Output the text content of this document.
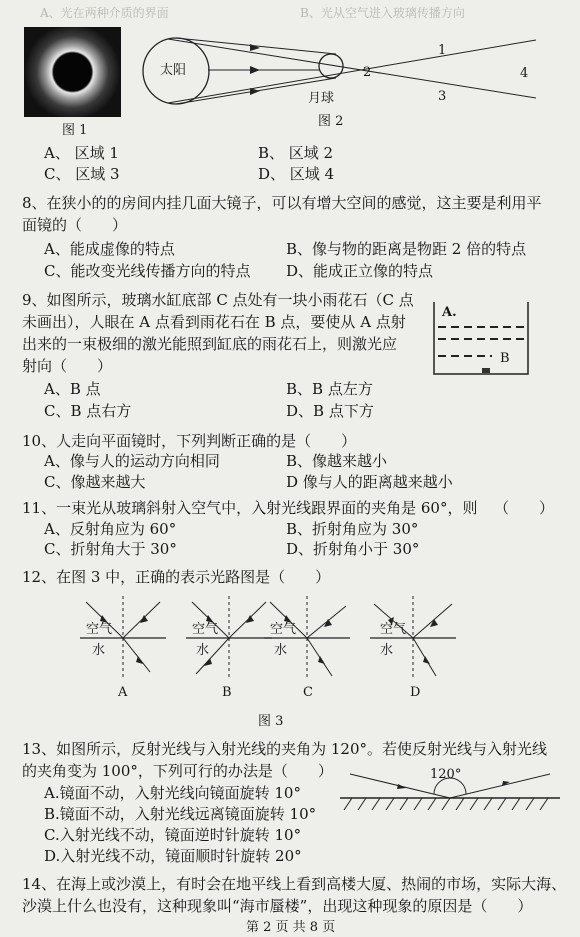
A、光在两种介质的界面	B、光从空气进入玻璃传播方向
图 1
太阳
月球
1
2
3
4
图 2
A、 区域 1	B、 区域 2
C、 区域 3	D、 区域 4
8、在狭小的的房间内挂几面大镜子，可以有增大空间的感觉，这主要是利用平
面镜的（　　）
A、能成虚像的特点	B、像与物的距离是物距 2 倍的特点
C、能改变光线传播方向的特点 D、能成正立像的特点
9、如图所示，玻璃水缸底部 C 点处有一块小雨花石（C 点
未画出），人眼在 A 点看到雨花石在 B 点，要使从 A 点射
出来的一束极细的激光能照到缸底的雨花石上，则激光应
射向（　　）
A、B 点	B、B 点左方
C、B 点右方	D、B 点下方
A.
B
10、人走向平面镜时，下列判断正确的是（　　）
A、像与人的运动方向相同	B、像越来越小
C、像越来越大	D 像与人的距离越来越小
11、一束光从玻璃斜射入空气中，入射光线跟界面的夹角是 60°，则 （　　）
A、反射角应为 60°	B、折射角应为 30°
C、折射角大于 30°	D、折射角小于 30°
12、在图 3 中，正确的表示光路图是（　　）
空气
水
空气
水
空气
水
空气
水
A	B	C	D
图 3
13、如图所示，反射光线与入射光线的夹角为 120°。若使反射光线与入射光线
的夹角变为 100°，下列可行的办法是（　　）
A.镜面不动，入射光线向镜面旋转 10°
B.镜面不动，入射光线远离镜面旋转 10°
C.入射光线不动，镜面逆时针旋转 10°
D.入射光线不动，镜面顺时针旋转 20°
120°
14、在海上或沙漠上，有时会在地平线上看到高楼大厦、热闹的市场，实际大海、
沙漠上什么也没有，这种现象叫“海市蜃楼”，出现这种现象的原因是（　　）
第 2 页 共 8 页
